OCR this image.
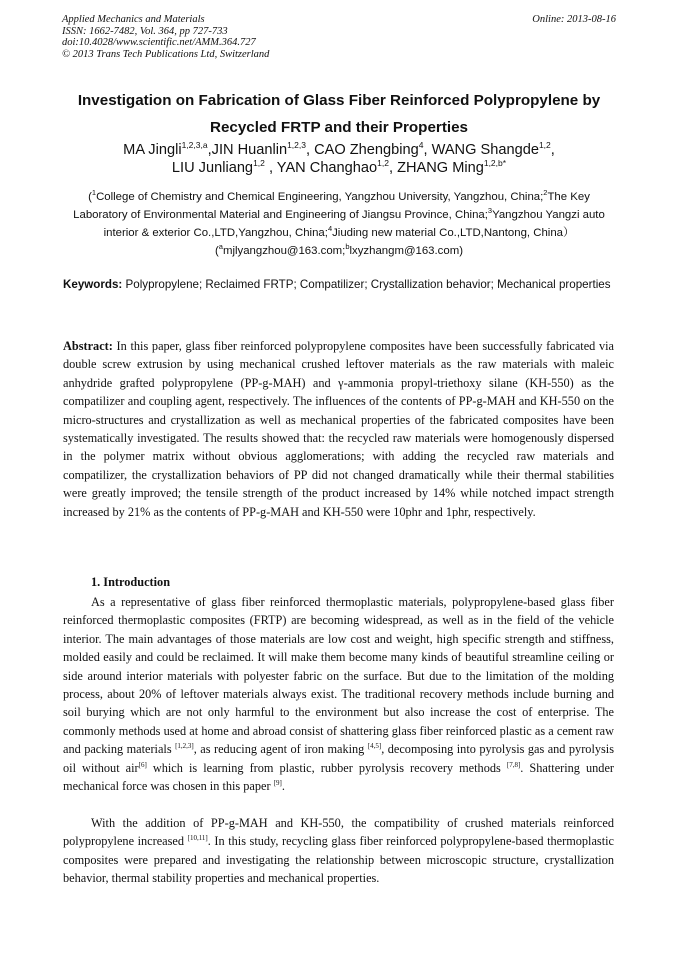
Applied Mechanics and Materials
ISSN: 1662-7482, Vol. 364, pp 727-733
doi:10.4028/www.scientific.net/AMM.364.727
© 2013 Trans Tech Publications Ltd, Switzerland
Online: 2013-08-16
Investigation on Fabrication of Glass Fiber Reinforced Polypropylene by
Recycled FRTP and their Properties
MA Jingli$^{1,2,3,a}$,JIN Huanlin$^{1,2,3}$, CAO Zhengbing$^4$, WANG Shangde$^{1,2}$,
LIU Junliang$^{1,2}$ , YAN Changhao$^{1,2}$, ZHANG Ming$^{1,2,b*}$
($^1$College of Chemistry and Chemical Engineering, Yangzhou University, Yangzhou, China;$^2$The Key Laboratory of Environmental Material and Engineering of Jiangsu Province, China;$^3$Yangzhou Yangzi auto interior & exterior Co.,LTD,Yangzhou, China;$^4$Jiuding new material Co.,LTD,Nantong, China） ($^a$mjlyangzhou@163.com;$^b$lxyzhangm@163.com)
Keywords: Polypropylene; Reclaimed FRTP; Compatilizer; Crystallization behavior; Mechanical properties

Abstract: In this paper, glass fiber reinforced polypropylene composites have been successfully fabricated via double screw extrusion by using mechanical crushed leftover materials as the raw materials with maleic anhydride grafted polypropylene (PP-g-MAH) and γ-ammonia propyl-triethoxy silane (KH-550) as the compatilizer and coupling agent, respectively. The influences of the contents of PP-g-MAH and KH-550 on the micro-structures and crystallization as well as mechanical properties of the fabricated composites have been systematically investigated. The results showed that: the recycled raw materials were homogenously dispersed in the polymer matrix without obvious agglomerations; with adding the recycled raw materials and compatilizer, the crystallization behaviors of PP did not changed dramatically while their thermal stabilities were greatly improved; the tensile strength of the product increased by 14% while notched impact strength increased by 21% as the contents of PP-g-MAH and KH-550 were 10phr and 1phr, respectively.

1. Introduction

As a representative of glass fiber reinforced thermoplastic materials, polypropylene-based glass fiber reinforced thermoplastic composites (FRTP) are becoming widespread, as well as in the field of the vehicle interior. The main advantages of those materials are low cost and weight, high specific strength and stiffness, molded easily and could be reclaimed. It will make them become many kinds of beautiful streamline ceiling or side around interior materials with polyester fabric on the surface. But due to the limitation of the molding process, about 20% of leftover materials always exist. The traditional recovery methods include burning and soil burying which are not only harmful to the environment but also increase the cost of enterprise. The commonly methods used at home and abroad consist of shattering glass fiber reinforced plastic as a cement raw and packing materials [1,2,3], as reducing agent of iron making [4,5], decomposing into pyrolysis gas and pyrolysis oil without air[6] which is learning from plastic, rubber pyrolysis recovery methods [7,8]. Shattering under mechanical force was chosen in this paper [9].

With the addition of PP-g-MAH and KH-550, the compatibility of crushed materials reinforced polypropylene increased [10,11]. In this study, recycling glass fiber reinforced polypropylene-based thermoplastic composites were prepared and investigating the relationship between microscopic structure, crystallization behavior, thermal stability properties and mechanical properties.
